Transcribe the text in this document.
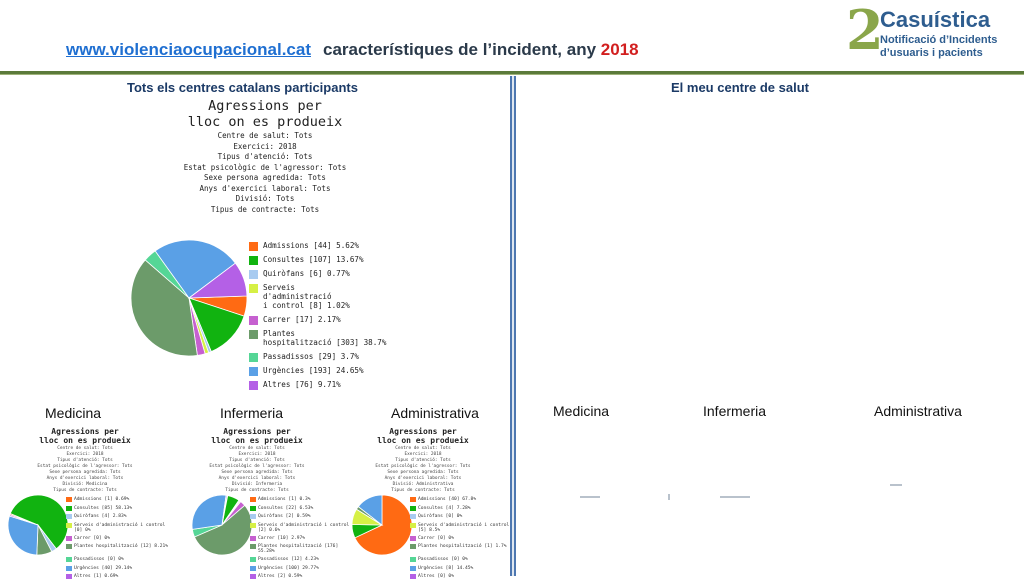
www.violenciaocupacional.cat característiques de l’incident, any 2018	2
Casuística
Notificació d’Incidents
d’usuaris i pacients
Tots els centres catalans participants	El meu centre de salut
Agressions per
lloc on es produeix
Centre de salut: Tots
Exercici: 2018
Tipus d'atenció: Tots
Estat psicològic de l'agressor: Tots
Sexe persona agredida: Tots
Anys d'exercici laboral: Tots
Divisió: Tots
Tipus de contracte: Tots
Admissions [44] 5.62%
Consultes [107] 13.67%
Quiròfans [6] 0.77%
Serveis
d'administració
i control [8] 1.02%
Carrer [17] 2.17%
Plantes
hospitalització [303] 38.7%
Passadissos [29] 3.7%
Urgències [193] 24.65%
Altres [76] 9.71%
Medicina
Agressions per
lloc on es produeix
Centre de salut: Tots
Exercici: 2018
Tipus d'atenció: Tots
Estat psicològic de l'agressor: Tots
Sexe persona agredida: Tots
Anys d'exercici laboral: Tots
Divisió: Medicina
Tipus de contracte: Tots
Admissions [1] 0.69%
Consultes [85] 58.13%
Quiròfans [4] 2.83%
Serveis d'administració i control [0] 0%
Carrer [0] 0%
Plantes hospitalització [12] 8.21%
Passadissos [0] 0%
Urgències [40] 29.14%
Altres [1] 0.69%
Infermeria
Agressions per
lloc on es produeix
Centre de salut: Tots
Exercici: 2018
Tipus d'atenció: Tots
Estat psicològic de l'agressor: Tots
Sexe persona agredida: Tots
Anys d'exercici laboral: Tots
Divisió: Infermeria
Tipus de contracte: Tots
Admissions [1] 0.3%
Consultes [22] 6.53%
Quiròfans [2] 0.59%
Serveis d'administració i control [2] 0.6%
Carrer [10] 2.97%
Plantes hospitalització [176] 55.28%
Passadissos [12] 4.23%
Urgències [100] 29.77%
Altres [2] 0.59%
Administrativa
Agressions per
lloc on es produeix
Centre de salut: Tots
Exercici: 2018
Tipus d'atenció: Tots
Estat psicològic de l'agressor: Tots
Sexe persona agredida: Tots
Anys d'exercici laboral: Tots
Divisió: Administrativa
Tipus de contracte: Tots
Admissions [40] 67.8%
Consultes [4] 7.28%
Quiròfans [0] 0%
Serveis d'administració i control [5] 8.5%
Carrer [0] 0%
Plantes hospitalització [1] 1.7%
Passadissos [0] 0%
Urgències [8] 14.45%
Altres [0] 0%
Medicina	Infermeria	Administrativa
